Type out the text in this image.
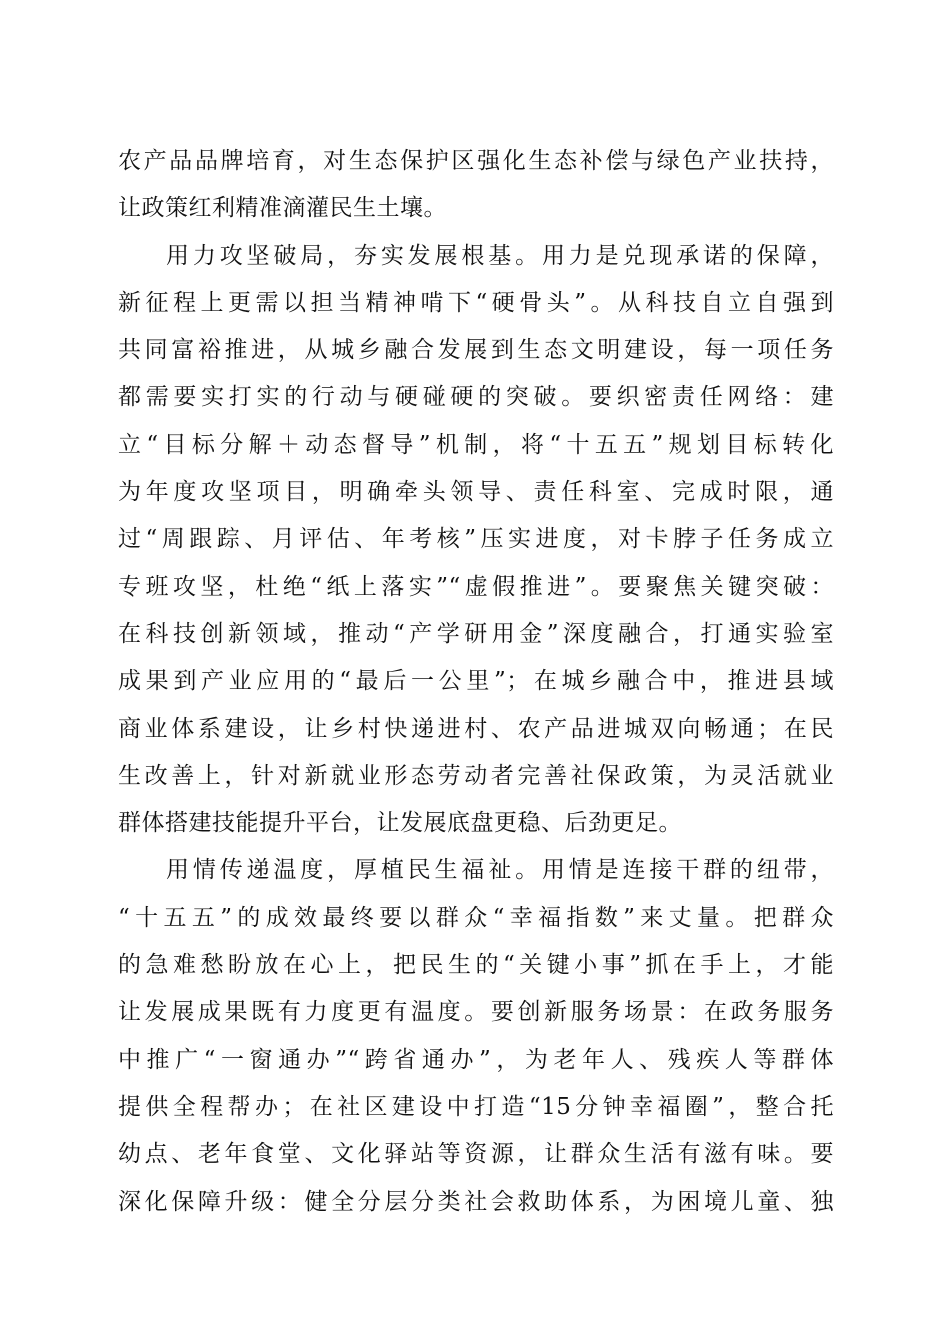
农产品品牌培育，对生态保护区强化生态补偿与绿色产业扶持，
让政策红利精准滴灌民生土壤。
用力攻坚破局，夯实发展根基。用力是兑现承诺的保障，
新征程上更需以担当精神啃下“硬骨头”。从科技自立自强到
共同富裕推进，从城乡融合发展到生态文明建设，每一项任务
都需要实打实的行动与硬碰硬的突破。要织密责任网络：建
立“目标分解＋动态督导”机制，将“十五五”规划目标转化
为年度攻坚项目，明确牵头领导、责任科室、完成时限，通
过“周跟踪、月评估、年考核”压实进度，对卡脖子任务成立
专班攻坚，杜绝“纸上落实”“虚假推进”。要聚焦关键突破：
在科技创新领域，推动“产学研用金”深度融合，打通实验室
成果到产业应用的“最后一公里”；在城乡融合中，推进县域
商业体系建设，让乡村快递进村、农产品进城双向畅通；在民
生改善上，针对新就业形态劳动者完善社保政策，为灵活就业
群体搭建技能提升平台，让发展底盘更稳、后劲更足。
用情传递温度，厚植民生福祉。用情是连接干群的纽带，
“十五五”的成效最终要以群众“幸福指数”来丈量。把群众
的急难愁盼放在心上，把民生的“关键小事”抓在手上，才能
让发展成果既有力度更有温度。要创新服务场景：在政务服务
中推广“一窗通办”“跨省通办”，为老年人、残疾人等群体
提供全程帮办；在社区建设中打造“15分钟幸福圈”，整合托
幼点、老年食堂、文化驿站等资源，让群众生活有滋有味。要
深化保障升级：健全分层分类社会救助体系，为困境儿童、独
